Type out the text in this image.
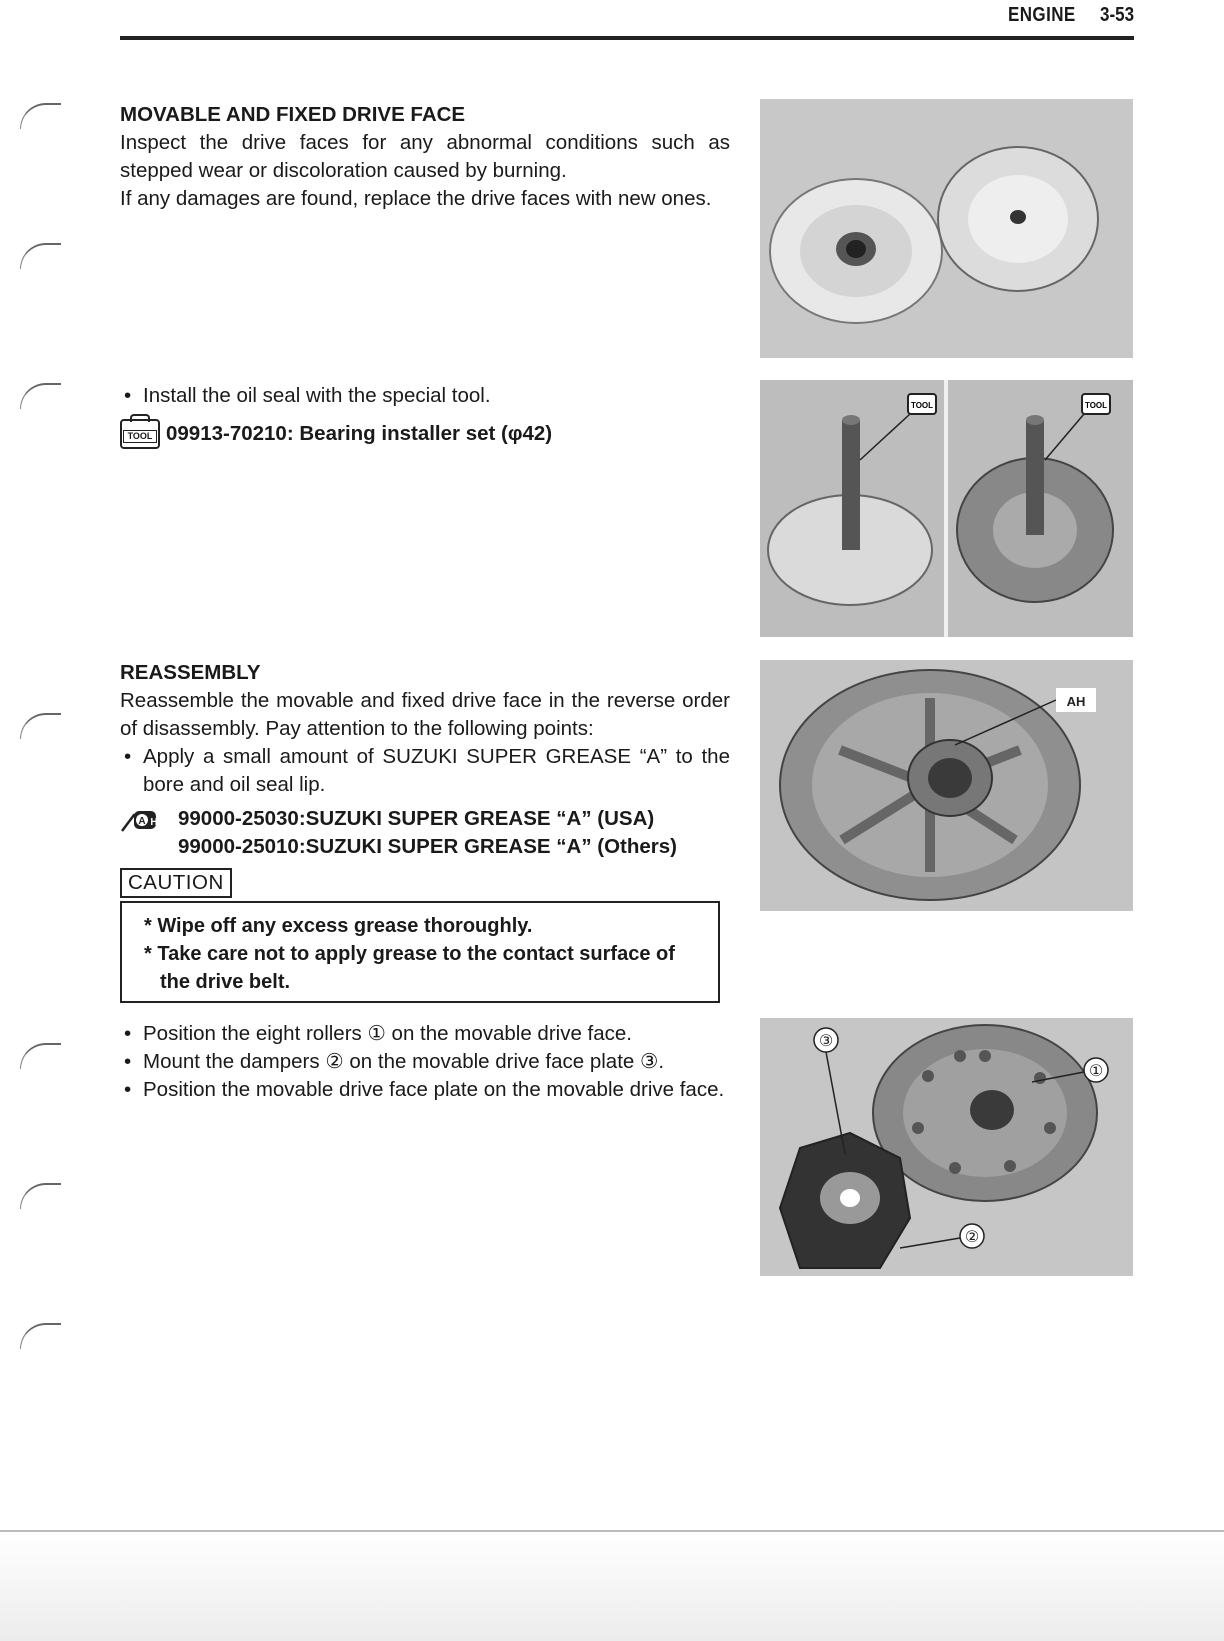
ENGINE 3-53
MOVABLE AND FIXED DRIVE FACE
Inspect the drive faces for any abnormal conditions such as stepped wear or discoloration caused by burning.
If any damages are found, replace the drive faces with new ones.
• Install the oil seal with the special tool.
TOOL 09913-70210: Bearing installer set (φ42)
REASSEMBLY
Reassemble the movable and fixed drive face in the reverse order of disassembly. Pay attention to the following points:
• Apply a small amount of SUZUKI SUPER GREASE “A” to the bore and oil seal lip.
A H 99000-25030:SUZUKI SUPER GREASE “A” (USA)
99000-25010:SUZUKI SUPER GREASE “A” (Others)
CAUTION
* Wipe off any excess grease thoroughly.
* Take care not to apply grease to the contact surface of the drive belt.
• Position the eight rollers ① on the movable drive face.
• Mount the dampers ② on the movable drive face plate ③.
• Position the movable drive face plate on the movable drive face.
TOOL	TOOL
AH
③
①
②
